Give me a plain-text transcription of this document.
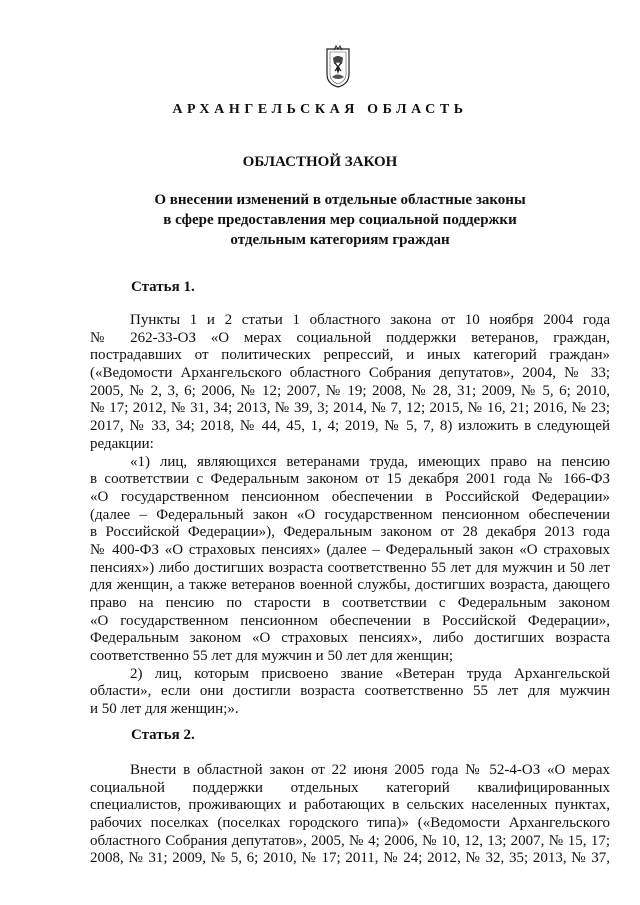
АРХАНГЕЛЬСКАЯ ОБЛАСТЬ
ОБЛАСТНОЙ ЗАКОН
О внесении изменений в отдельные областные законы
в сфере предоставления мер социальной поддержки
отдельным категориям граждан
Статья 1.
Пункты 1 и 2 статьи 1 областного закона от 10 ноября 2004 года
№ 262-33-ОЗ «О мерах социальной поддержки ветеранов, граждан,
пострадавших от политических репрессий, и иных категорий граждан»
(«Ведомости Архангельского областного Собрания депутатов», 2004, № 33;
2005, № 2, 3, 6; 2006, № 12; 2007, № 19; 2008, № 28, 31; 2009, № 5, 6; 2010,
№ 17; 2012, № 31, 34; 2013, № 39, 3; 2014, № 7, 12; 2015, № 16, 21; 2016, № 23;
2017, № 33, 34; 2018, № 44, 45, 1, 4; 2019, № 5, 7, 8) изложить в следующей
редакции:
«1) лиц, являющихся ветеранами труда, имеющих право на пенсию
в соответствии с Федеральным законом от 15 декабря 2001 года № 166-ФЗ
«О государственном пенсионном обеспечении в Российской Федерации»
(далее – Федеральный закон «О государственном пенсионном обеспечении
в Российской Федерации»), Федеральным законом от 28 декабря 2013 года
№ 400-ФЗ «О страховых пенсиях» (далее – Федеральный закон «О страховых
пенсиях») либо достигших возраста соответственно 55 лет для мужчин и 50 лет
для женщин, а также ветеранов военной службы, достигших возраста, дающего
право на пенсию по старости в соответствии с Федеральным законом
«О государственном пенсионном обеспечении в Российской Федерации»,
Федеральным законом «О страховых пенсиях», либо достигших возраста
соответственно 55 лет для мужчин и 50 лет для женщин;
2) лиц, которым присвоено звание «Ветеран труда Архангельской
области», если они достигли возраста соответственно 55 лет для мужчин
и 50 лет для женщин;».
Статья 2.
Внести в областной закон от 22 июня 2005 года № 52-4-ОЗ «О мерах
социальной поддержки отдельных категорий квалифицированных
специалистов, проживающих и работающих в сельских населенных пунктах,
рабочих поселках (поселках городского типа)» («Ведомости Архангельского
областного Собрания депутатов», 2005, № 4; 2006, № 10, 12, 13; 2007, № 15, 17;
2008, № 31; 2009, № 5, 6; 2010, № 17; 2011, № 24; 2012, № 32, 35; 2013, № 37,
